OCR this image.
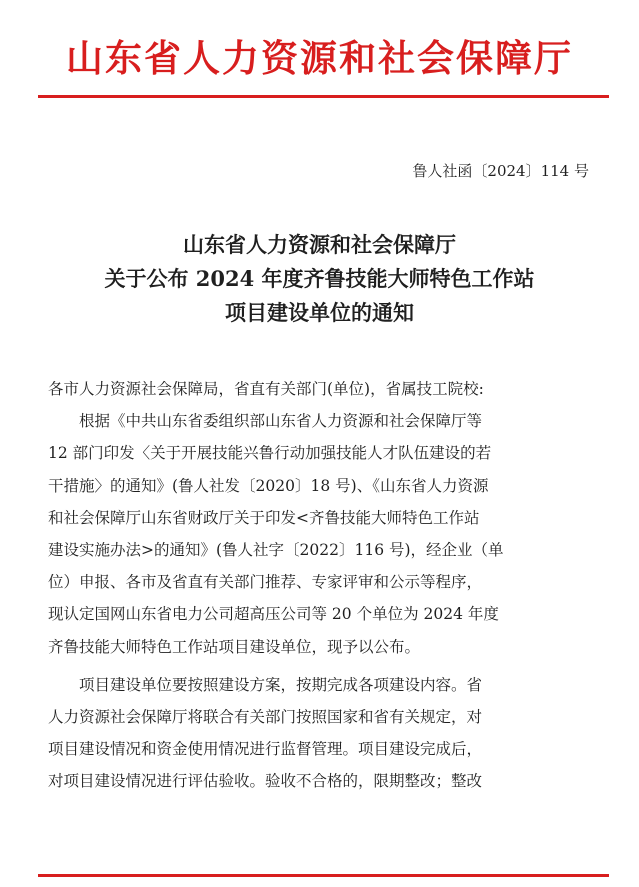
山东省人力资源和社会保障厅
鲁人社函〔2024〕114 号
山东省人力资源和社会保障厅
关于公布 2024 年度齐鲁技能大师特色工作站
项目建设单位的通知
各市人力资源社会保障局，省直有关部门(单位)，省属技工院校:
根据《中共山东省委组织部山东省人力资源和社会保障厅等
12 部门印发〈关于开展技能兴鲁行动加强技能人才队伍建设的若
干措施〉的通知》(鲁人社发〔2020〕18 号)、《山东省人力资源
和社会保障厅山东省财政厅关于印发<齐鲁技能大师特色工作站
建设实施办法>的通知》(鲁人社字〔2022〕116 号)，经企业（单
位）申报、各市及省直有关部门推荐、专家评审和公示等程序，
现认定国网山东省电力公司超高压公司等 20 个单位为 2024 年度
齐鲁技能大师特色工作站项目建设单位，现予以公布。
项目建设单位要按照建设方案，按期完成各项建设内容。省
人力资源社会保障厅将联合有关部门按照国家和省有关规定，对
项目建设情况和资金使用情况进行监督管理。项目建设完成后，
对项目建设情况进行评估验收。验收不合格的，限期整改；整改
